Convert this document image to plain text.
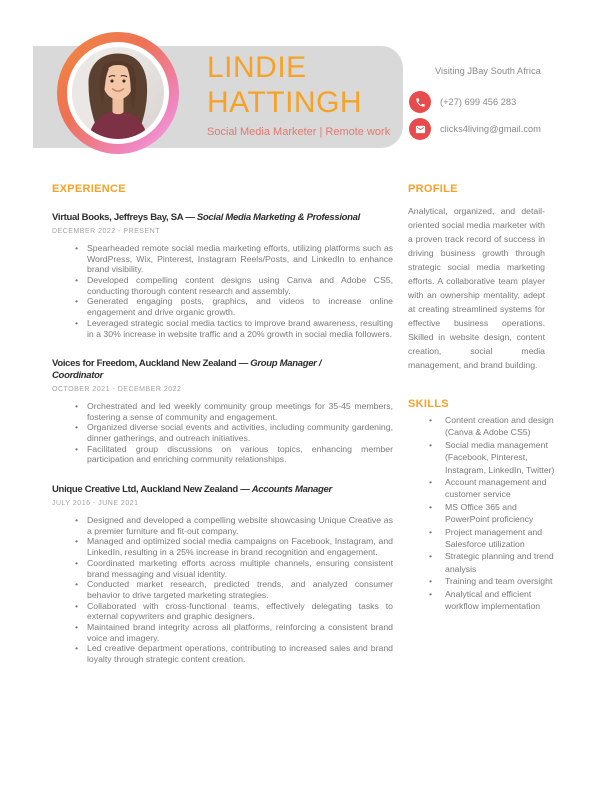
LINDIE
HATTINGH
Social Media Marketer | Remote work
Visiting JBay South Africa
(+27) 699 456 283
clicks4living@gmail.com
EXPERIENCE
Virtual Books, Jeffreys Bay, SA — Social Media Marketing & Professional
DECEMBER 2022 - PRESENT
• Spearheaded remote social media marketing efforts, utilizing platforms such as WordPress, Wix, Pinterest, Instagram Reels/Posts, and LinkedIn to enhance brand visibility.
• Developed compelling content designs using Canva and Adobe CS5, conducting thorough content research and assembly.
• Generated engaging posts, graphics, and videos to increase online engagement and drive organic growth.
• Leveraged strategic social media tactics to improve brand awareness, resulting in a 30% increase in website traffic and a 20% growth in social media followers.
Voices for Freedom, Auckland New Zealand — Group Manager / Coordinator
OCTOBER 2021 - DECEMBER 2022
• Orchestrated and led weekly community group meetings for 35-45 members, fostering a sense of community and engagement.
• Organized diverse social events and activities, including community gardening, dinner gatherings, and outreach initiatives.
• Facilitated group discussions on various topics, enhancing member participation and enriching community relationships.
Unique Creative Ltd, Auckland New Zealand — Accounts Manager
JULY 2016 - JUNE 2021
• Designed and developed a compelling website showcasing Unique Creative as a premier furniture and fit-out company.
• Managed and optimized social media campaigns on Facebook, Instagram, and LinkedIn, resulting in a 25% increase in brand recognition and engagement.
• Coordinated marketing efforts across multiple channels, ensuring consistent brand messaging and visual identity.
• Conducted market research, predicted trends, and analyzed consumer behavior to drive targeted marketing strategies.
• Collaborated with cross-functional teams, effectively delegating tasks to external copywriters and graphic designers.
• Maintained brand integrity across all platforms, reinforcing a consistent brand voice and imagery.
• Led creative department operations, contributing to increased sales and brand loyalty through strategic content creation.
PROFILE

Analytical, organized, and detail-oriented social media marketer with a proven track record of success in driving business growth through strategic social media marketing efforts. A collaborative team player with an ownership mentality, adept at creating streamlined systems for effective business operations. Skilled in website design, content creation, social media management, and brand building.

SKILLS
• Content creation and design (Canva & Adobe CS5)
• Social media management (Facebook, Pinterest, Instagram, LinkedIn, Twitter)
• Account management and customer service
• MS Office 365 and PowerPoint proficiency
• Project management and Salesforce utilization
• Strategic planning and trend analysis
• Training and team oversight
• Analytical and efficient workflow implementation
